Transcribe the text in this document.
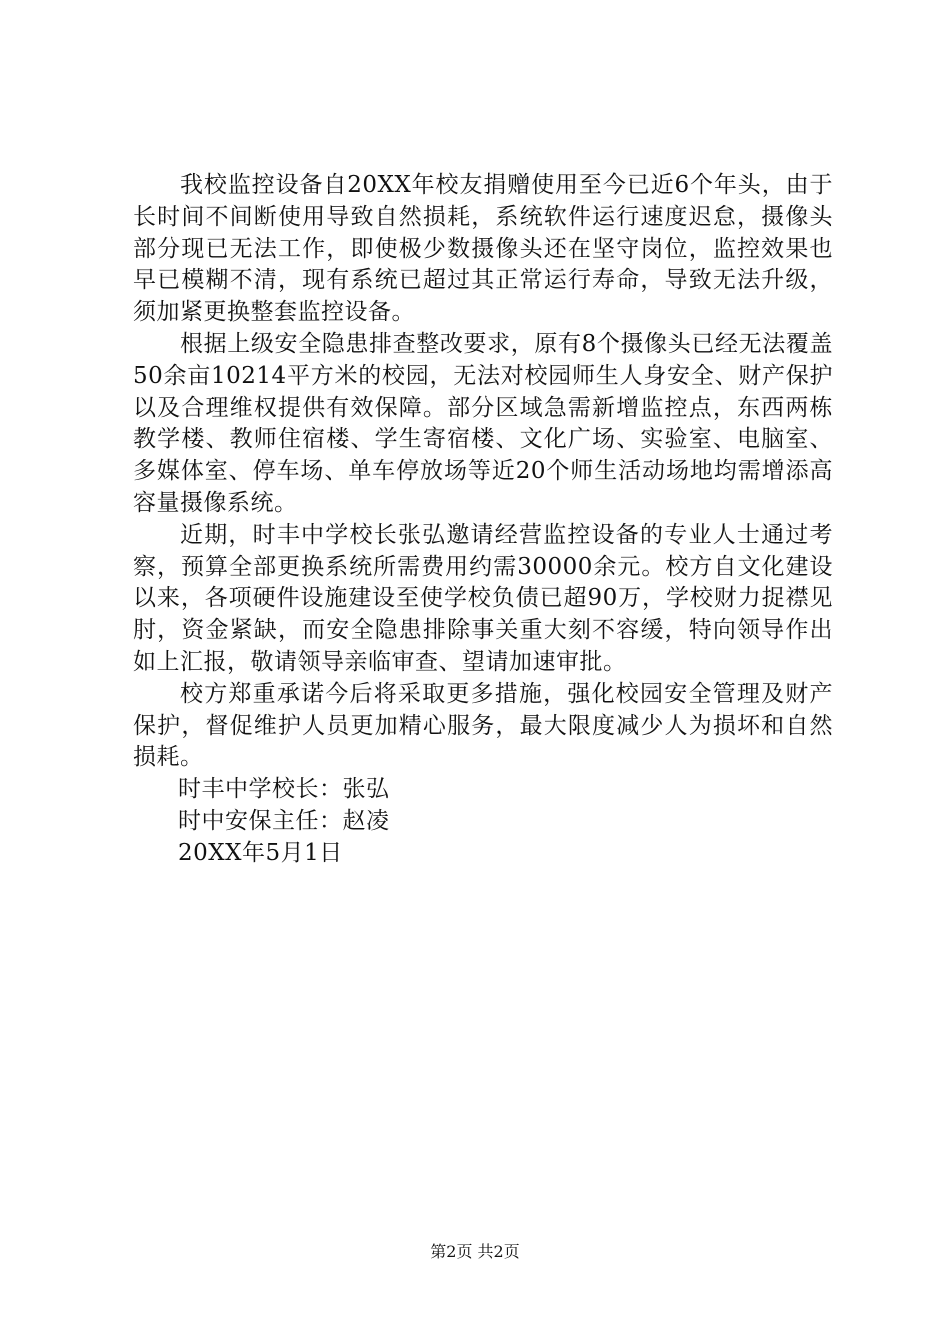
我校监控设备自20XX年校友捐赠使用至今已近6个年头，由于长时间不间断使用导致自然损耗，系统软件运行速度迟怠，摄像头部分现已无法工作，即使极少数摄像头还在坚守岗位，监控效果也早已模糊不清，现有系统已超过其正常运行寿命，导致无法升级，须加紧更换整套监控设备。

根据上级安全隐患排查整改要求，原有8个摄像头已经无法覆盖50余亩10214平方米的校园，无法对校园师生人身安全、财产保护以及合理维权提供有效保障。部分区域急需新增监控点，东西两栋教学楼、教师住宿楼、学生寄宿楼、文化广场、实验室、电脑室、多媒体室、停车场、单车停放场等近20个师生活动场地均需增添高容量摄像系统。

近期，时丰中学校长张弘邀请经营监控设备的专业人士通过考察，预算全部更换系统所需费用约需30000余元。校方自文化建设以来，各项硬件设施建设至使学校负债已超90万，学校财力捉襟见肘，资金紧缺，而安全隐患排除事关重大刻不容缓，特向领导作出如上汇报，敬请领导亲临审查、望请加速审批。

校方郑重承诺今后将采取更多措施，强化校园安全管理及财产保护，督促维护人员更加精心服务，最大限度减少人为损坏和自然损耗。

时丰中学校长：张弘

时中安保主任：赵凌

20XX年5月1日

第2页 共2页
